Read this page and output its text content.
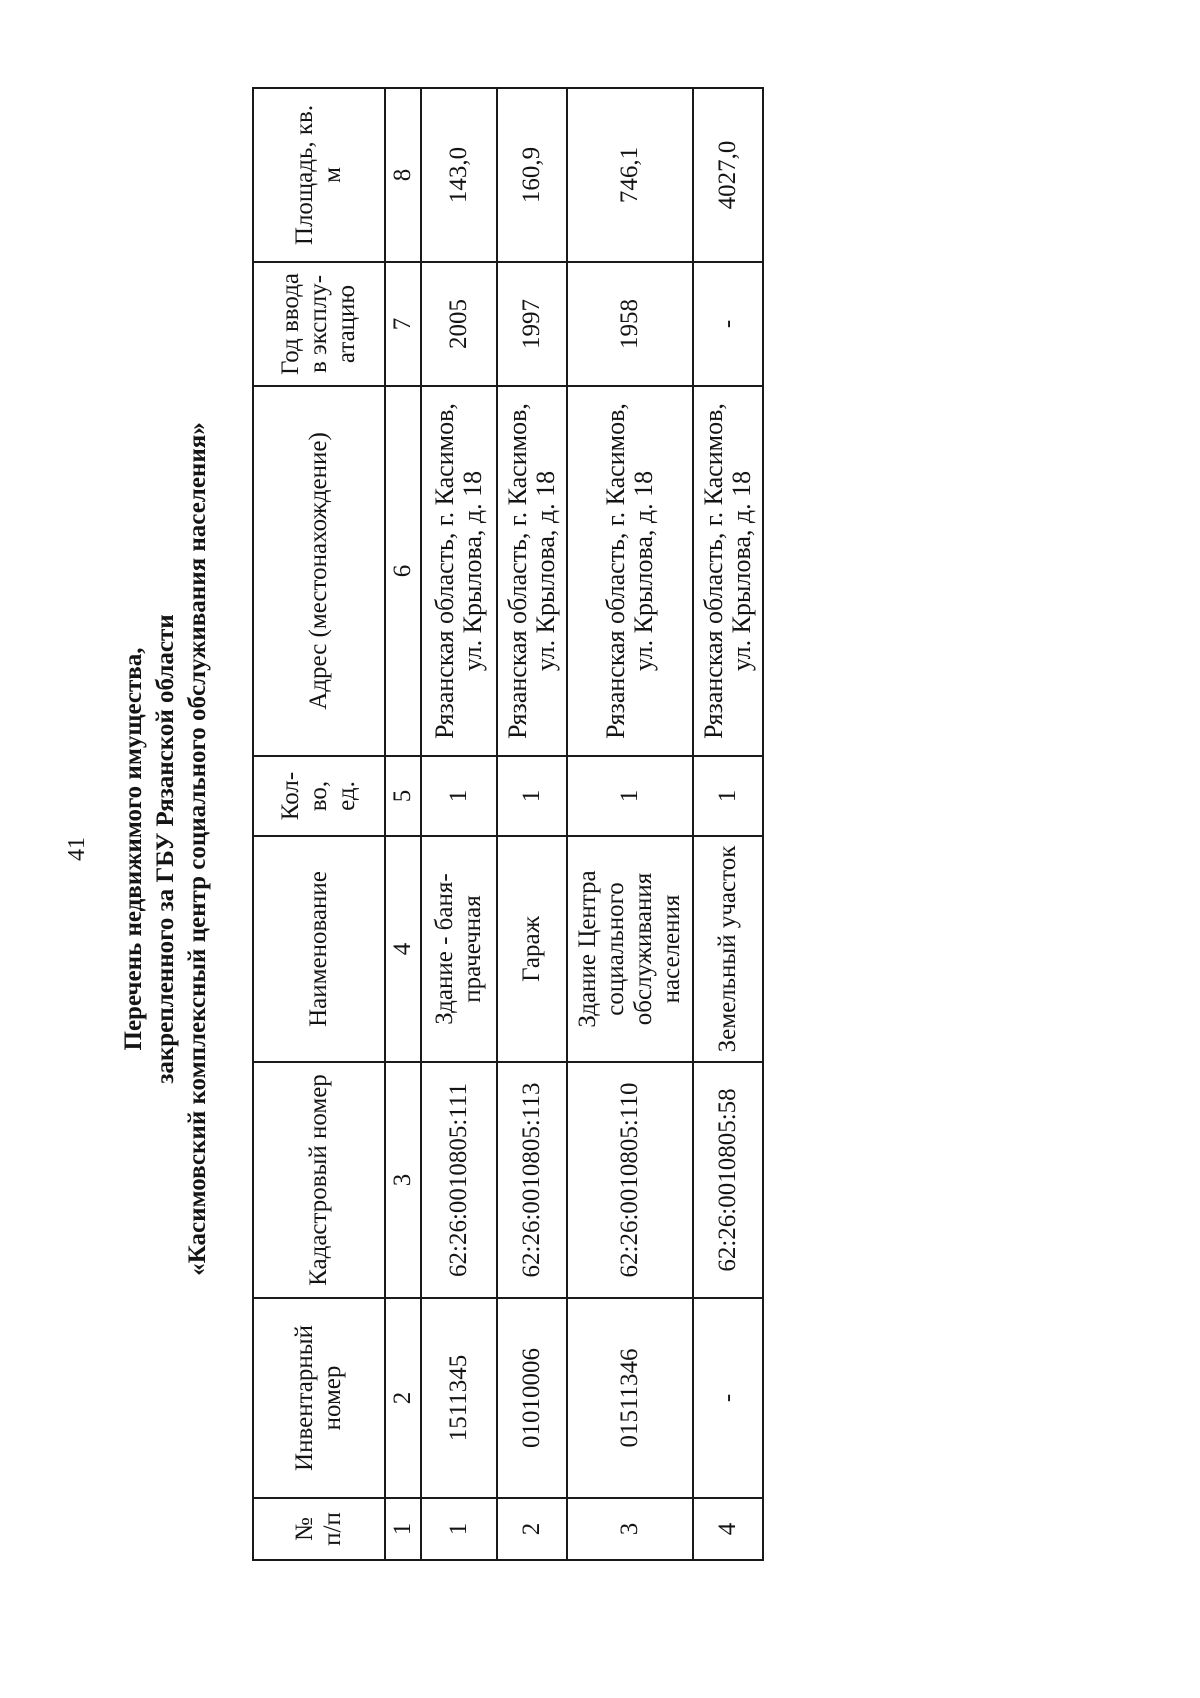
41 Перечень недвижимого имущества, закрепленного за ГБУ Рязанской области «Касимовский комплексный центр социального обслуживания населения»
№ п/п	Инвентарный номер	Кадастровый номер	Наименование	Кол-во, ед.	Адрес (местонахождение)	Год ввода в эксплу-атацию	Площадь, кв. м
1	2	3	4	5	6	7	8
1	1511345	62:26:0010805:111	Здание - баня-прачечная	1	Рязанская область, г. Касимов, ул. Крылова, д. 18	2005	143,0
2	01010006	62:26:0010805:113	Гараж	1	Рязанская область, г. Касимов, ул. Крылова, д. 18	1997	160,9
3	01511346	62:26:0010805:110	Здание Центра социального обслуживания населения	1	Рязанская область, г. Касимов, ул. Крылова, д. 18	1958	746,1
4	-	62:26:0010805:58	Земельный участок	1	Рязанская область, г. Касимов, ул. Крылова, д. 18	-	4027,0
